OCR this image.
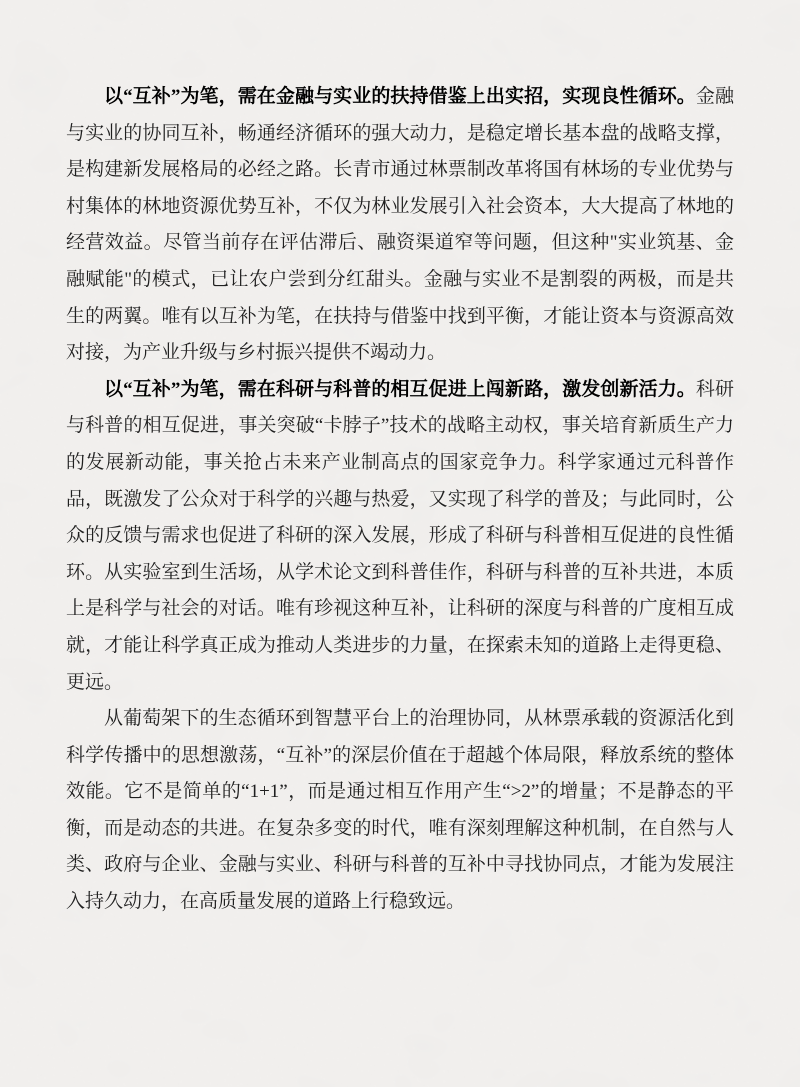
以“互补”为笔，需在金融与实业的扶持借鉴上出实招，实现良性循环。金融与实业的协同互补，畅通经济循环的强大动力，是稳定增长基本盘的战略支撑，是构建新发展格局的必经之路。长青市通过林票制改革将国有林场的专业优势与村集体的林地资源优势互补，不仅为林业发展引入社会资本，大大提高了林地的经营效益。尽管当前存在评估滞后、融资渠道窄等问题，但这种"实业筑基、金融赋能"的模式，已让农户尝到分红甜头。金融与实业不是割裂的两极，而是共生的两翼。唯有以互补为笔，在扶持与借鉴中找到平衡，才能让资本与资源高效对接，为产业升级与乡村振兴提供不竭动力。

以“互补”为笔，需在科研与科普的相互促进上闯新路，激发创新活力。科研与科普的相互促进，事关突破“卡脖子”技术的战略主动权，事关培育新质生产力的发展新动能，事关抢占未来产业制高点的国家竞争力。科学家通过元科普作品，既激发了公众对于科学的兴趣与热爱，又实现了科学的普及；与此同时，公众的反馈与需求也促进了科研的深入发展，形成了科研与科普相互促进的良性循环。从实验室到生活场，从学术论文到科普佳作，科研与科普的互补共进，本质上是科学与社会的对话。唯有珍视这种互补，让科研的深度与科普的广度相互成就，才能让科学真正成为推动人类进步的力量，在探索未知的道路上走得更稳、更远。

从葡萄架下的生态循环到智慧平台上的治理协同，从林票承载的资源活化到科学传播中的思想激荡，“互补”的深层价值在于超越个体局限，释放系统的整体效能。它不是简单的“1+1”，而是通过相互作用产生“>2”的增量；不是静态的平衡，而是动态的共进。在复杂多变的时代，唯有深刻理解这种机制，在自然与人类、政府与企业、金融与实业、科研与科普的互补中寻找协同点，才能为发展注入持久动力，在高质量发展的道路上行稳致远。
